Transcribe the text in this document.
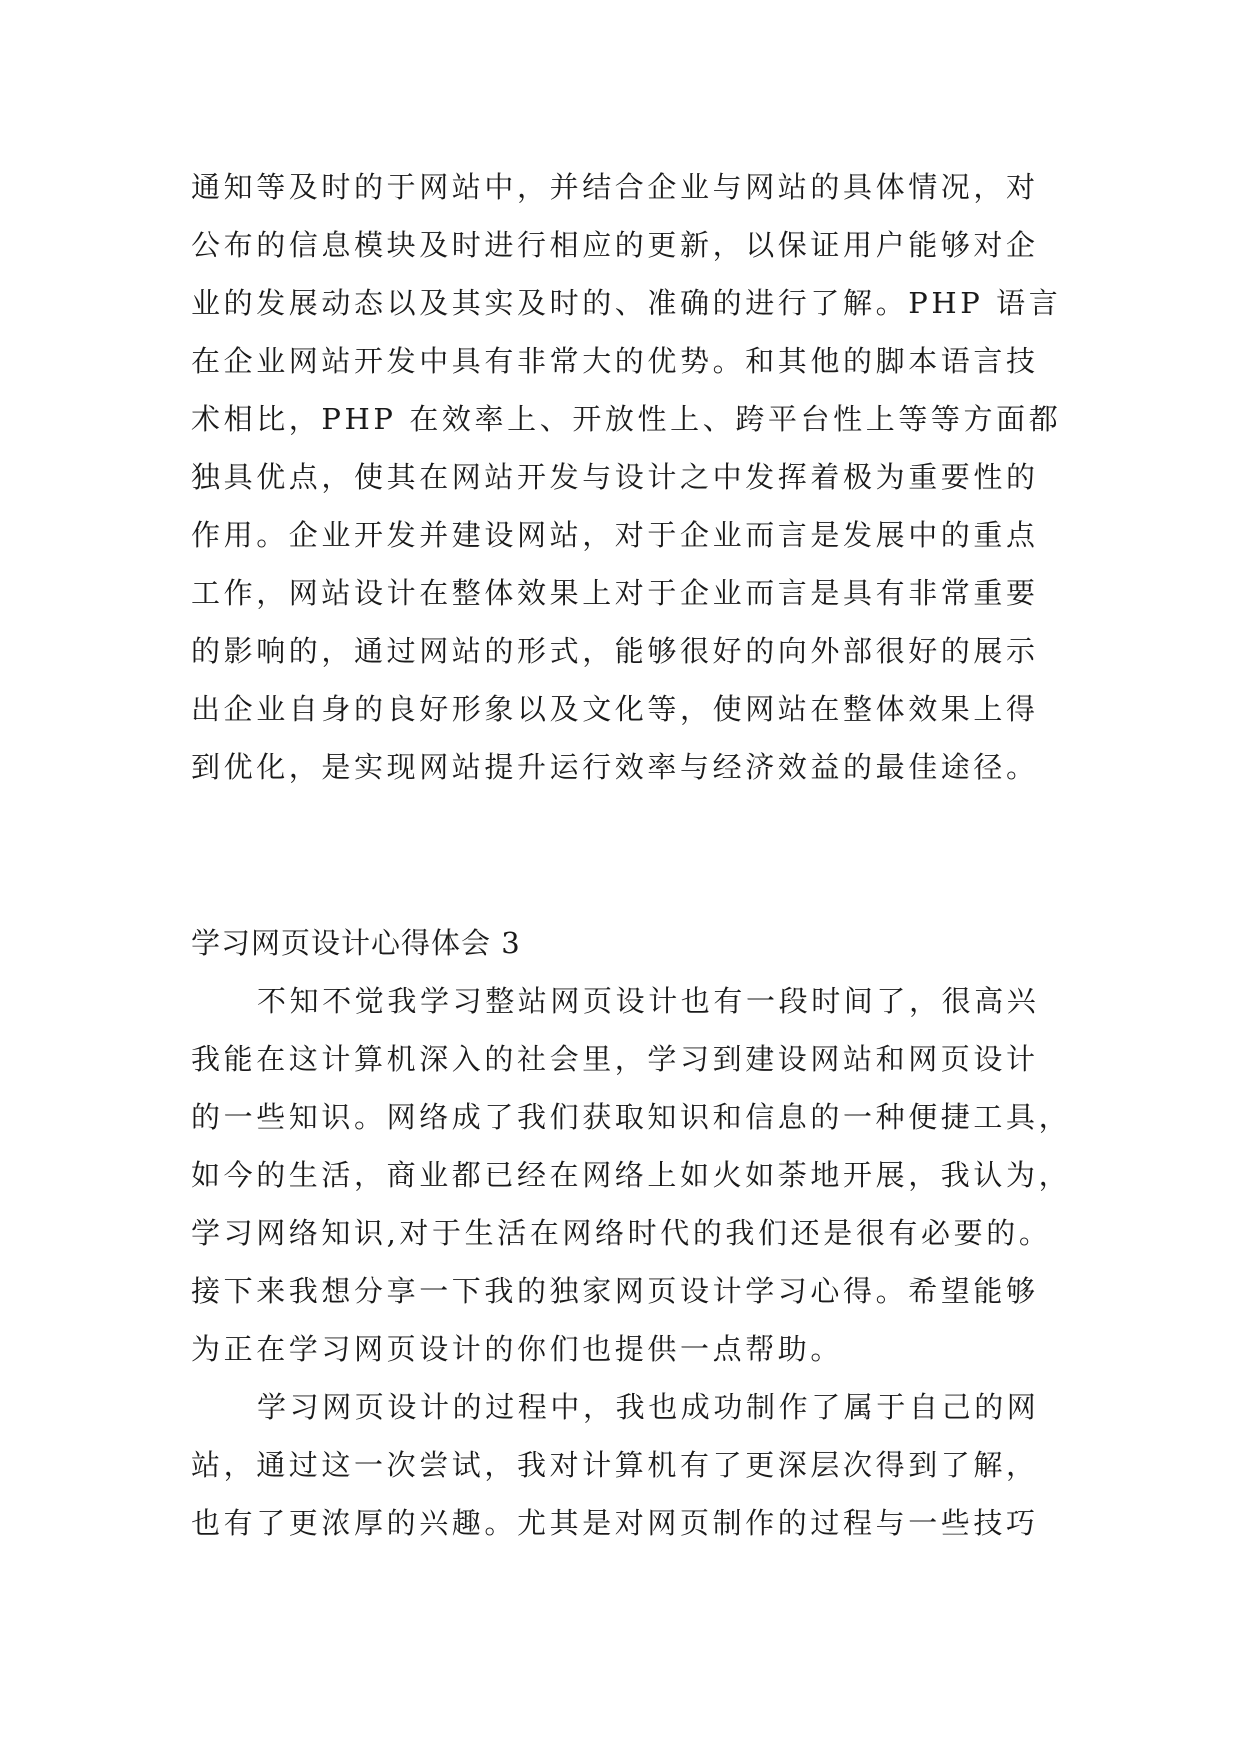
通知等及时的于网站中，并结合企业与网站的具体情况，对
公布的信息模块及时进行相应的更新，以保证用户能够对企
业的发展动态以及其实及时的、准确的进行了解。PHP 语言
在企业网站开发中具有非常大的优势。和其他的脚本语言技
术相比，PHP 在效率上、开放性上、跨平台性上等等方面都
独具优点，使其在网站开发与设计之中发挥着极为重要性的
作用。企业开发并建设网站，对于企业而言是发展中的重点
工作，网站设计在整体效果上对于企业而言是具有非常重要
的影响的，通过网站的形式，能够很好的向外部很好的展示
出企业自身的良好形象以及文化等，使网站在整体效果上得
到优化，是实现网站提升运行效率与经济效益的最佳途径。
学习网页设计心得体会 3
不知不觉我学习整站网页设计也有一段时间了，很高兴
我能在这计算机深入的社会里，学习到建设网站和网页设计
的一些知识。网络成了我们获取知识和信息的一种便捷工具，
如今的生活，商业都已经在网络上如火如荼地开展，我认为，
学习网络知识,对于生活在网络时代的我们还是很有必要的。
接下来我想分享一下我的独家网页设计学习心得。希望能够
为正在学习网页设计的你们也提供一点帮助。
学习网页设计的过程中，我也成功制作了属于自己的网
站，通过这一次尝试，我对计算机有了更深层次得到了解，
也有了更浓厚的兴趣。尤其是对网页制作的过程与一些技巧
